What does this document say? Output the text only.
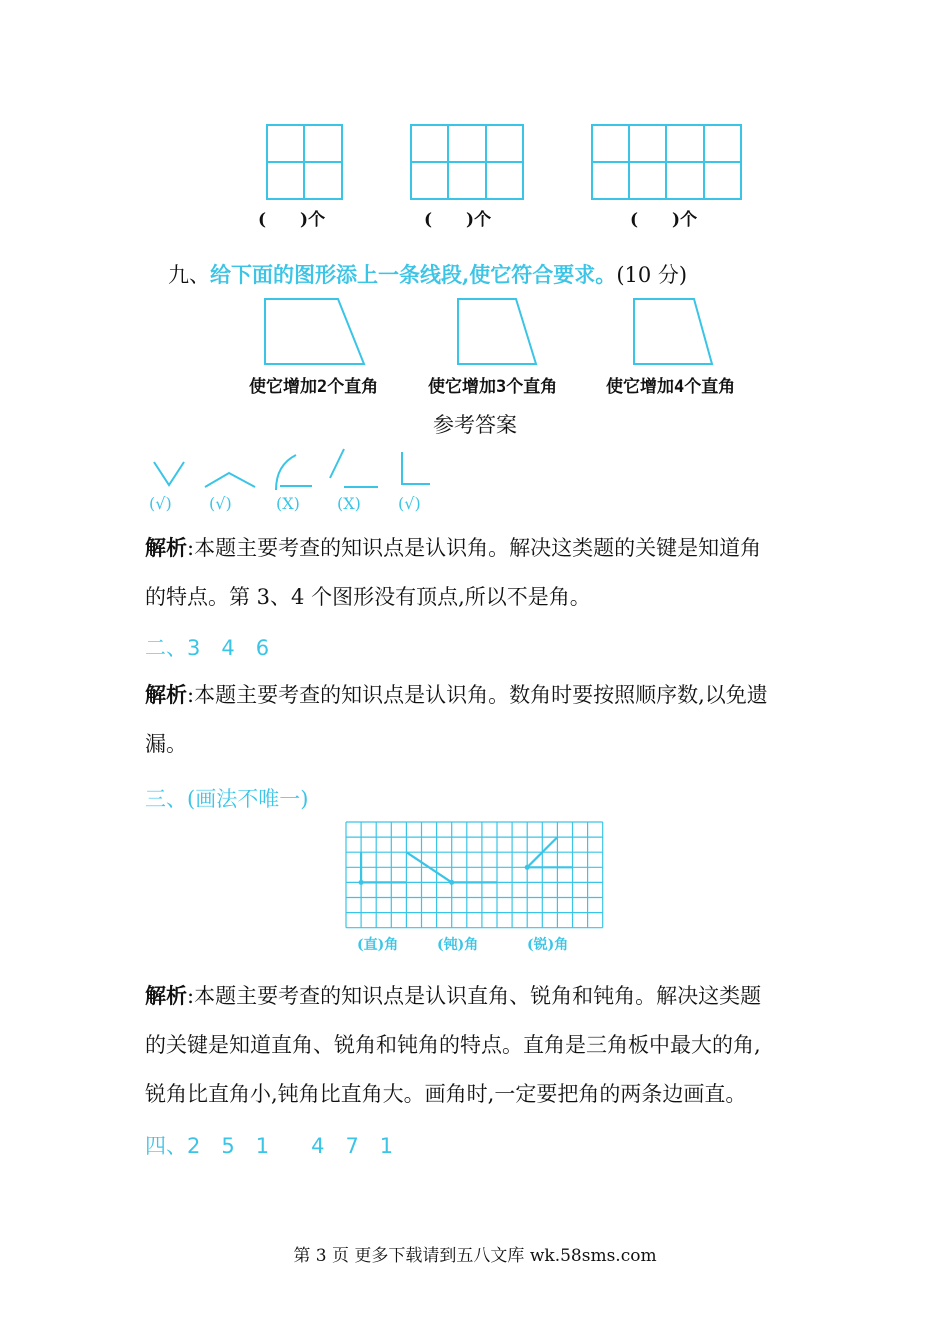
(　　)个	(　　)个	(　　)个
九、给下面的图形添上一条线段,使它符合要求。(10 分)
使它增加2个直角	使它增加3个直角	使它增加4个直角
参考答案
(√) (√)	(X) (X) (√)
解析:本题主要考查的知识点是认识角。解决这类题的关键是知道角
的特点。第 3、4 个图形没有顶点,所以不是角。
二、3　4　6
解析:本题主要考查的知识点是认识角。数角时要按照顺序数,以免遗
漏。
三、(画法不唯一)
(直)角	(钝)角	(锐)角
解析:本题主要考查的知识点是认识直角、锐角和钝角。解决这类题
的关键是知道直角、锐角和钝角的特点。直角是三角板中最大的角,
锐角比直角小,钝角比直角大。画角时,一定要把角的两条边画直。
四、2　5　1　　4　7　1
第 3 页 更多下载请到五八文库 wk.58sms.com
